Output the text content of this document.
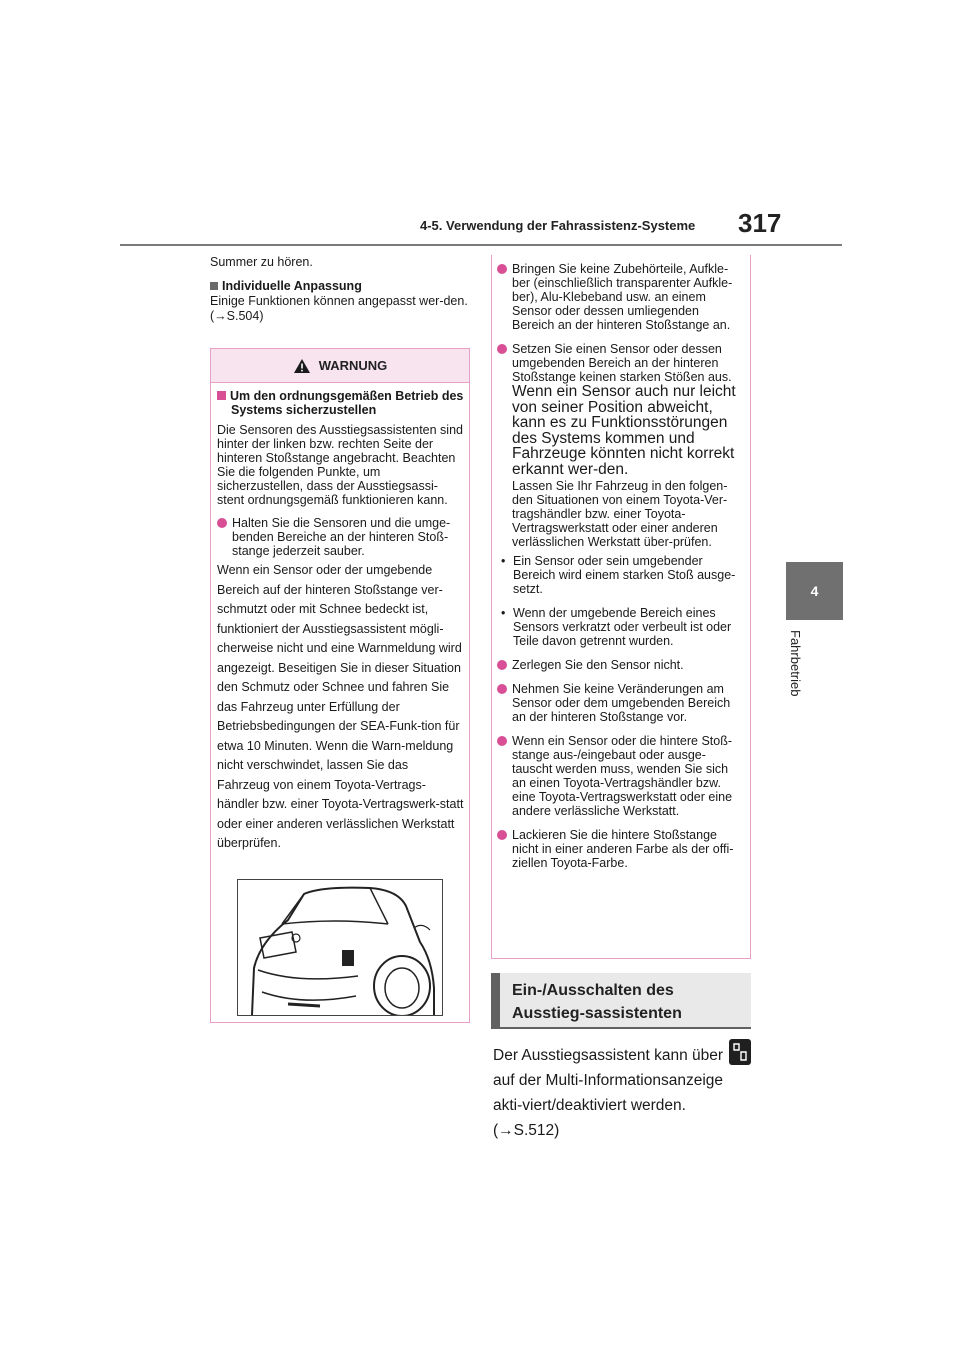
4-5. Verwendung der Fahrassistenz-Systeme 317
4
Fahrbetrieb

Summer zu hören.

Individuelle Anpassung

Einige Funktionen können angepasst wer-den. (→S.504)

WARNUNG

Um den ordnungsgemäßen Betrieb des Systems sicherzustellen

Die Sensoren des Ausstiegsassistenten sind hinter der linken bzw. rechten Seite der hinteren Stoßstange angebracht. Beachten Sie die folgenden Punkte, um sicherzustellen, dass der Ausstiegsassi-stent ordnungsgemäß funktionieren kann.

Halten Sie die Sensoren und die umge-benden Bereiche an der hinteren Stoß-stange jederzeit sauber.

Wenn ein Sensor oder der umgebende Bereich auf der hinteren Stoßstange ver-schmutzt oder mit Schnee bedeckt ist, funktioniert der Ausstiegsassistent mögli-cherweise nicht und eine Warnmeldung wird angezeigt. Beseitigen Sie in dieser Situation den Schmutz oder Schnee und fahren Sie das Fahrzeug unter Erfüllung der Betriebsbedingungen der SEA-Funk-tion für etwa 10 Minuten. Wenn die Warn-meldung nicht verschwindet, lassen Sie das Fahrzeug von einem Toyota-Vertrags-händler bzw. einer Toyota-Vertragswerk-statt oder einer anderen verlässlichen Werkstatt überprüfen.

Bringen Sie keine Zubehörteile, Aufkle-ber (einschließlich transparenter Aufkle-ber), Alu-Klebeband usw. an einem Sensor oder dessen umliegenden Bereich an der hinteren Stoßstange an.

Setzen Sie einen Sensor oder dessen umgebenden Bereich an der hinteren Stoßstange keinen starken Stößen aus.

Wenn ein Sensor auch nur leicht von seiner Position abweicht, kann es zu Funktionsstörungen des Systems kommen und Fahrzeuge könnten nicht korrekt erkannt wer-den.

Lassen Sie Ihr Fahrzeug in den folgen-den Situationen von einem Toyota-Ver-tragshändler bzw. einer Toyota-Vertragswerkstatt oder einer anderen verlässlichen Werkstatt über-prüfen.

• Ein Sensor oder sein umgebender Bereich wird einem starken Stoß ausge-setzt.
• Wenn der umgebende Bereich eines Sensors verkratzt oder verbeult ist oder Teile davon getrennt wurden.
Zerlegen Sie den Sensor nicht.
Nehmen Sie keine Veränderungen am Sensor oder dem umgebenden Bereich an der hinteren Stoßstange vor.
Wenn ein Sensor oder die hintere Stoß-stange aus-/eingebaut oder ausge-tauscht werden muss, wenden Sie sich an einen Toyota-Vertragshändler bzw. eine Toyota-Vertragswerkstatt oder eine andere verlässliche Werkstatt.
Lackieren Sie die hintere Stoßstange nicht in einer anderen Farbe als der offi-ziellen Toyota-Farbe.
Ein-/Ausschalten des Ausstieg-sassistenten

Der Ausstiegsassistent kann über

auf der Multi-Informationsanzeige akti-viert/deaktiviert werden. (→S.512)
